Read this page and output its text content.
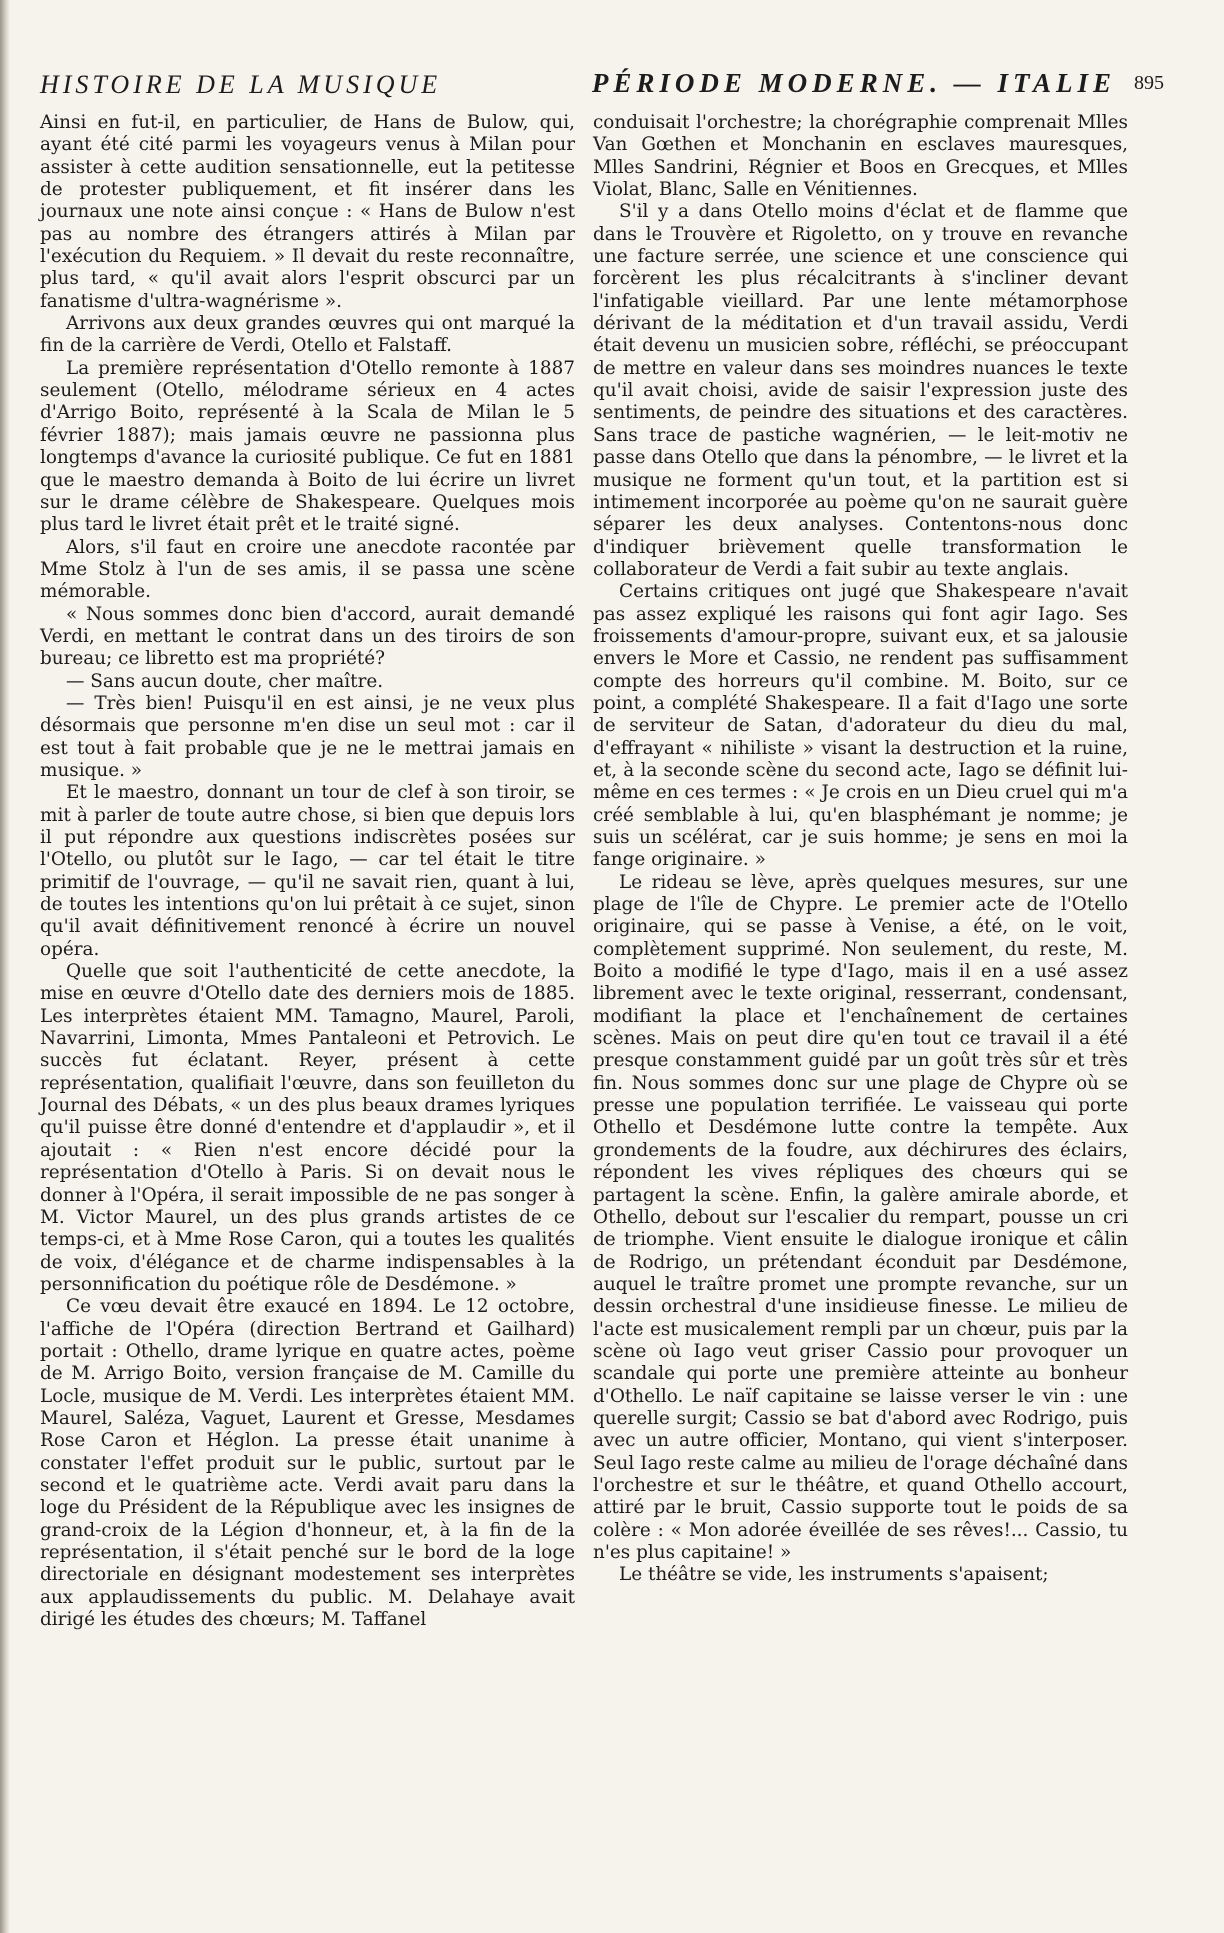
HISTOIRE DE LA MUSIQUE	PÉRIODE MODERNE. — ITALIE 895

Ainsi en fut-il, en particulier, de Hans de Bulow, qui, ayant été cité parmi les voyageurs venus à Milan pour assister à cette audition sensationnelle, eut la petitesse de protester publiquement, et fit insérer dans les journaux une note ainsi conçue : « Hans de Bulow n'est pas au nombre des étrangers attirés à Milan par l'exécution du Requiem. » Il devait du reste reconnaître, plus tard, « qu'il avait alors l'esprit obscurci par un fanatisme d'ultra-wagnérisme ».

Arrivons aux deux grandes œuvres qui ont marqué la fin de la carrière de Verdi, Otello et Falstaff.

La première représentation d'Otello remonte à 1887 seulement (Otello, mélodrame sérieux en 4 actes d'Arrigo Boito, représenté à la Scala de Milan le 5 février 1887); mais jamais œuvre ne passionna plus longtemps d'avance la curiosité publique. Ce fut en 1881 que le maestro demanda à Boito de lui écrire un livret sur le drame célèbre de Shakespeare. Quelques mois plus tard le livret était prêt et le traité signé.

Alors, s'il faut en croire une anecdote racontée par Mme Stolz à l'un de ses amis, il se passa une scène mémorable.

« Nous sommes donc bien d'accord, aurait demandé Verdi, en mettant le contrat dans un des tiroirs de son bureau; ce libretto est ma propriété?

— Sans aucun doute, cher maître.

— Très bien! Puisqu'il en est ainsi, je ne veux plus désormais que personne m'en dise un seul mot : car il est tout à fait probable que je ne le mettrai jamais en musique. »

Et le maestro, donnant un tour de clef à son tiroir, se mit à parler de toute autre chose, si bien que depuis lors il put répondre aux questions indiscrètes posées sur l'Otello, ou plutôt sur le Iago, — car tel était le titre primitif de l'ouvrage, — qu'il ne savait rien, quant à lui, de toutes les intentions qu'on lui prêtait à ce sujet, sinon qu'il avait définitivement renoncé à écrire un nouvel opéra.

Quelle que soit l'authenticité de cette anecdote, la mise en œuvre d'Otello date des derniers mois de 1885. Les interprètes étaient MM. Tamagno, Maurel, Paroli, Navarrini, Limonta, Mmes Pantaleoni et Petrovich. Le succès fut éclatant. Reyer, présent à cette représentation, qualifiait l'œuvre, dans son feuilleton du Journal des Débats, « un des plus beaux drames lyriques qu'il puisse être donné d'entendre et d'applaudir », et il ajoutait : « Rien n'est encore décidé pour la représentation d'Otello à Paris. Si on devait nous le donner à l'Opéra, il serait impossible de ne pas songer à M. Victor Maurel, un des plus grands artistes de ce temps-ci, et à Mme Rose Caron, qui a toutes les qualités de voix, d'élégance et de charme indispensables à la personnification du poétique rôle de Desdémone. »

Ce vœu devait être exaucé en 1894. Le 12 octobre, l'affiche de l'Opéra (direction Bertrand et Gailhard) portait : Othello, drame lyrique en quatre actes, poème de M. Arrigo Boito, version française de M. Camille du Locle, musique de M. Verdi. Les interprètes étaient MM. Maurel, Saléza, Vaguet, Laurent et Gresse, Mesdames Rose Caron et Héglon. La presse était unanime à constater l'effet produit sur le public, surtout par le second et le quatrième acte. Verdi avait paru dans la loge du Président de la République avec les insignes de grand-croix de la Légion d'honneur, et, à la fin de la représentation, il s'était penché sur le bord de la loge directoriale en désignant modestement ses interprètes aux applaudissements du public. M. Delahaye avait dirigé les études des chœurs; M. Taffanel

conduisait l'orchestre; la chorégraphie comprenait Mlles Van Gœthen et Monchanin en esclaves mauresques, Mlles Sandrini, Régnier et Boos en Grecques, et Mlles Violat, Blanc, Salle en Vénitiennes.

S'il y a dans Otello moins d'éclat et de flamme que dans le Trouvère et Rigoletto, on y trouve en revanche une facture serrée, une science et une conscience qui forcèrent les plus récalcitrants à s'incliner devant l'infatigable vieillard. Par une lente métamorphose dérivant de la méditation et d'un travail assidu, Verdi était devenu un musicien sobre, réfléchi, se préoccupant de mettre en valeur dans ses moindres nuances le texte qu'il avait choisi, avide de saisir l'expression juste des sentiments, de peindre des situations et des caractères. Sans trace de pastiche wagnérien, — le leit-motiv ne passe dans Otello que dans la pénombre, — le livret et la musique ne forment qu'un tout, et la partition est si intimement incorporée au poème qu'on ne saurait guère séparer les deux analyses. Contentons-nous donc d'indiquer brièvement quelle transformation le collaborateur de Verdi a fait subir au texte anglais.

Certains critiques ont jugé que Shakespeare n'avait pas assez expliqué les raisons qui font agir Iago. Ses froissements d'amour-propre, suivant eux, et sa jalousie envers le More et Cassio, ne rendent pas suffisamment compte des horreurs qu'il combine. M. Boito, sur ce point, a complété Shakespeare. Il a fait d'Iago une sorte de serviteur de Satan, d'adorateur du dieu du mal, d'effrayant « nihiliste » visant la destruction et la ruine, et, à la seconde scène du second acte, Iago se définit lui-même en ces termes : « Je crois en un Dieu cruel qui m'a créé semblable à lui, qu'en blasphémant je nomme; je suis un scélérat, car je suis homme; je sens en moi la fange originaire. »

Le rideau se lève, après quelques mesures, sur une plage de l'île de Chypre. Le premier acte de l'Otello originaire, qui se passe à Venise, a été, on le voit, complètement supprimé. Non seulement, du reste, M. Boito a modifié le type d'Iago, mais il en a usé assez librement avec le texte original, resserrant, condensant, modifiant la place et l'enchaînement de certaines scènes. Mais on peut dire qu'en tout ce travail il a été presque constamment guidé par un goût très sûr et très fin. Nous sommes donc sur une plage de Chypre où se presse une population terrifiée. Le vaisseau qui porte Othello et Desdémone lutte contre la tempête. Aux grondements de la foudre, aux déchirures des éclairs, répondent les vives répliques des chœurs qui se partagent la scène. Enfin, la galère amirale aborde, et Othello, debout sur l'escalier du rempart, pousse un cri de triomphe. Vient ensuite le dialogue ironique et câlin de Rodrigo, un prétendant éconduit par Desdémone, auquel le traître promet une prompte revanche, sur un dessin orchestral d'une insidieuse finesse. Le milieu de l'acte est musicalement rempli par un chœur, puis par la scène où Iago veut griser Cassio pour provoquer un scandale qui porte une première atteinte au bonheur d'Othello. Le naïf capitaine se laisse verser le vin : une querelle surgit; Cassio se bat d'abord avec Rodrigo, puis avec un autre officier, Montano, qui vient s'interposer. Seul Iago reste calme au milieu de l'orage déchaîné dans l'orchestre et sur le théâtre, et quand Othello accourt, attiré par le bruit, Cassio supporte tout le poids de sa colère : « Mon adorée éveillée de ses rêves!... Cassio, tu n'es plus capitaine! »

Le théâtre se vide, les instruments s'apaisent;
